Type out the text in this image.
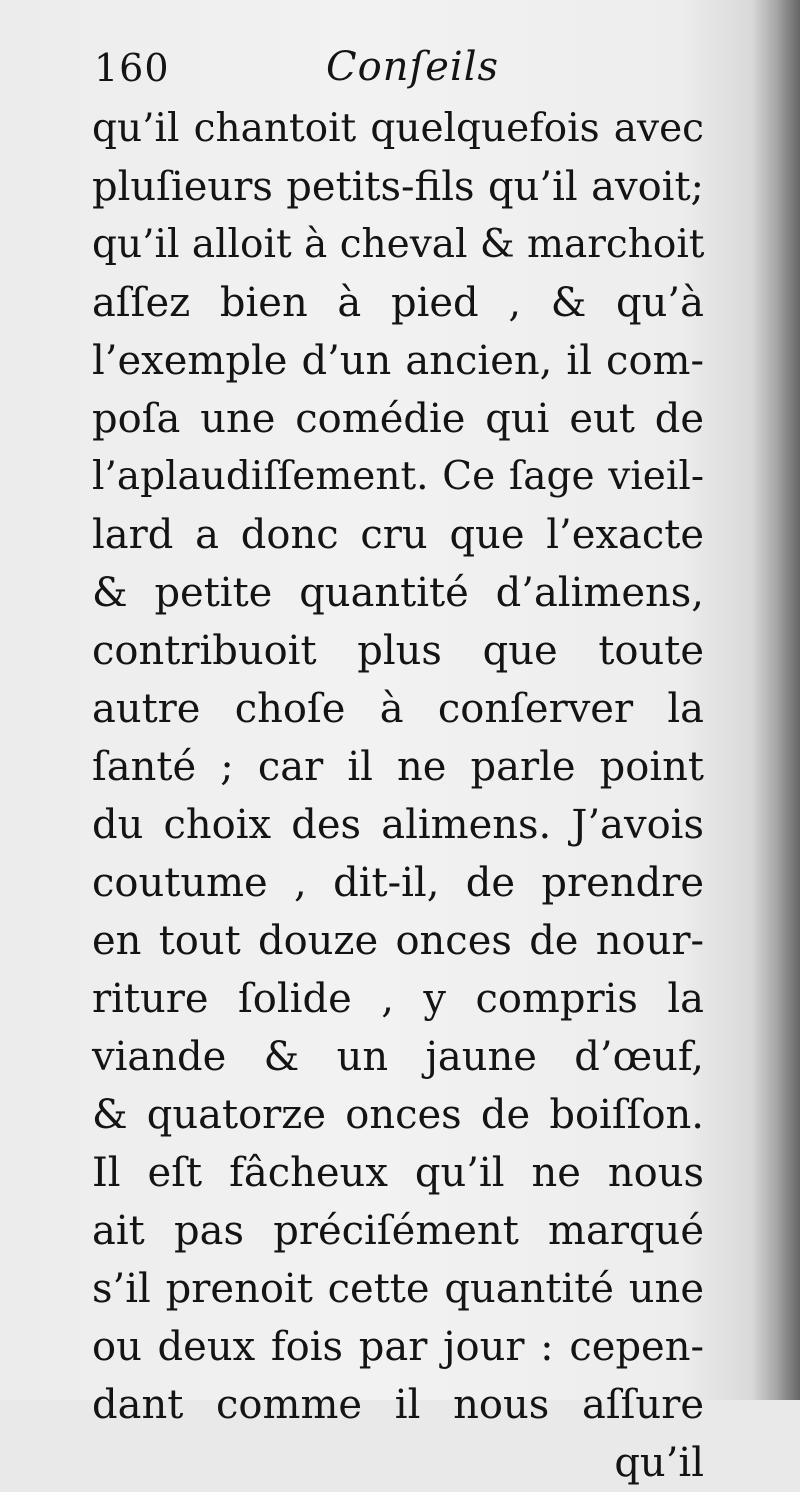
160	Conſeils
qu’il chantoit quelquefois avec
pluſieurs petits-fils qu’il avoit;
qu’il alloit à cheval & marchoit
aſſez bien à pied , & qu’à
l’exemple d’un ancien, il com-
poſa une comédie qui eut de
l’aplaudiſſement. Ce ſage vieil-
lard a donc cru que l’exacte
& petite quantité d’alimens,
contribuoit plus que toute
autre choſe à conſerver la
ſanté ; car il ne parle point
du choix des alimens. J’avois
coutume , dit-il, de prendre
en tout douze onces de nour-
riture ſolide , y compris la
viande & un jaune d’œuf,
& quatorze onces de boiſſon.
Il eſt fâcheux qu’il ne nous
ait pas préciſément marqué
s’il prenoit cette quantité une
ou deux fois par jour : cepen-
dant comme il nous aſſure
qu’il
